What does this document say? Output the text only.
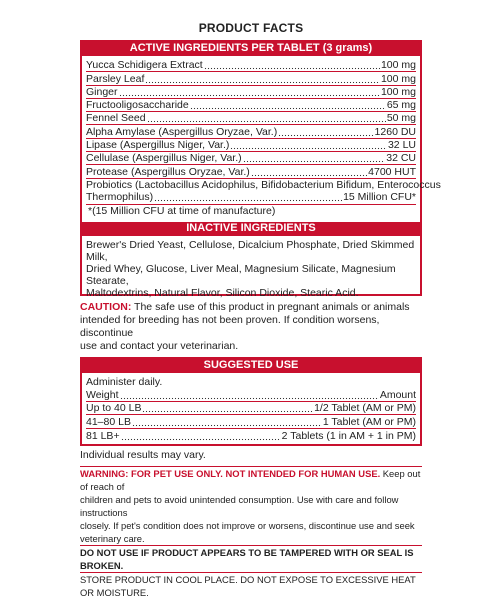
PRODUCT FACTS
ACTIVE INGREDIENTS PER TABLET (3 grams)
Yucca Schidigera Extract	100 mg
Parsley Leaf	100 mg
Ginger	100 mg
Fructooligosaccharide	65 mg
Fennel Seed	50 mg
Alpha Amylase (Aspergillus Oryzae, Var.)	1260 DU
Lipase (Aspergillus Niger, Var.)	32 LU
Cellulase (Aspergillus Niger, Var.)	32 CU
Protease (Aspergillus Oryzae, Var.)	4700 HUT
Probiotics (Lactobacillus Acidophilus, Bifidobacterium Bifidum, Enterococcus
Thermophilus)	15 Million CFU*
*(15 Million CFU at time of manufacture)
INACTIVE INGREDIENTS
Brewer's Dried Yeast, Cellulose, Dicalcium Phosphate, Dried Skimmed Milk,
Dried Whey, Glucose, Liver Meal, Magnesium Silicate, Magnesium Stearate,
Maltodextrins, Natural Flavor, Silicon Dioxide, Stearic Acid.
CAUTION: The safe use of this product in pregnant animals or animals
intended for breeding has not been proven. If condition worsens, discontinue
use and contact your veterinarian.
SUGGESTED USE
Administer daily.
Weight	Amount
Up to 40 LB	1/2 Tablet (AM or PM)
41–80 LB	1 Tablet (AM or PM)
81 LB+	2 Tablets (1 in AM + 1 in PM)
Individual results may vary.
WARNING: FOR PET USE ONLY. NOT INTENDED FOR HUMAN USE. Keep out of reach of
children and pets to avoid unintended consumption. Use with care and follow instructions
closely. If pet's condition does not improve or worsens, discontinue use and seek veterinary care.
DO NOT USE IF PRODUCT APPEARS TO BE TAMPERED WITH OR SEAL IS BROKEN.
STORE PRODUCT IN COOL PLACE. DO NOT EXPOSE TO EXCESSIVE HEAT OR MOISTURE.
